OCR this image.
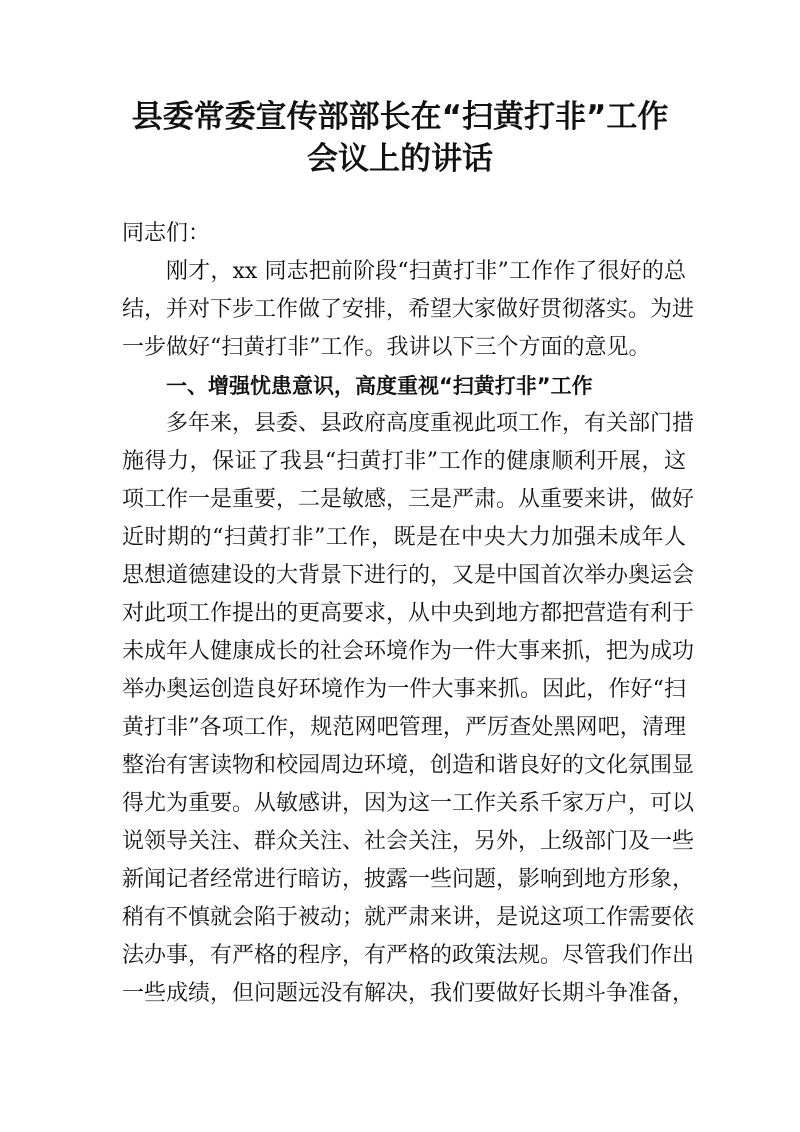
县委常委宣传部部长在“扫黄打非”工作
会议上的讲话
同志们：
刚才，xx 同志把前阶段“扫黄打非”工作作了很好的总
结，并对下步工作做了安排，希望大家做好贯彻落实。为进
一步做好“扫黄打非”工作。我讲以下三个方面的意见。
一、增强忧患意识，高度重视“扫黄打非”工作
多年来，县委、县政府高度重视此项工作，有关部门措
施得力，保证了我县“扫黄打非”工作的健康顺利开展，这
项工作一是重要，二是敏感，三是严肃。从重要来讲，做好
近时期的“扫黄打非”工作，既是在中央大力加强未成年人
思想道德建设的大背景下进行的，又是中国首次举办奥运会
对此项工作提出的更高要求，从中央到地方都把营造有利于
未成年人健康成长的社会环境作为一件大事来抓，把为成功
举办奥运创造良好环境作为一件大事来抓。因此，作好“扫
黄打非”各项工作，规范网吧管理，严厉查处黑网吧，清理
整治有害读物和校园周边环境，创造和谐良好的文化氛围显
得尤为重要。从敏感讲，因为这一工作关系千家万户，可以
说领导关注、群众关注、社会关注，另外，上级部门及一些
新闻记者经常进行暗访，披露一些问题，影响到地方形象，
稍有不慎就会陷于被动；就严肃来讲，是说这项工作需要依
法办事，有严格的程序，有严格的政策法规。尽管我们作出
一些成绩，但问题远没有解决，我们要做好长期斗争准备，
